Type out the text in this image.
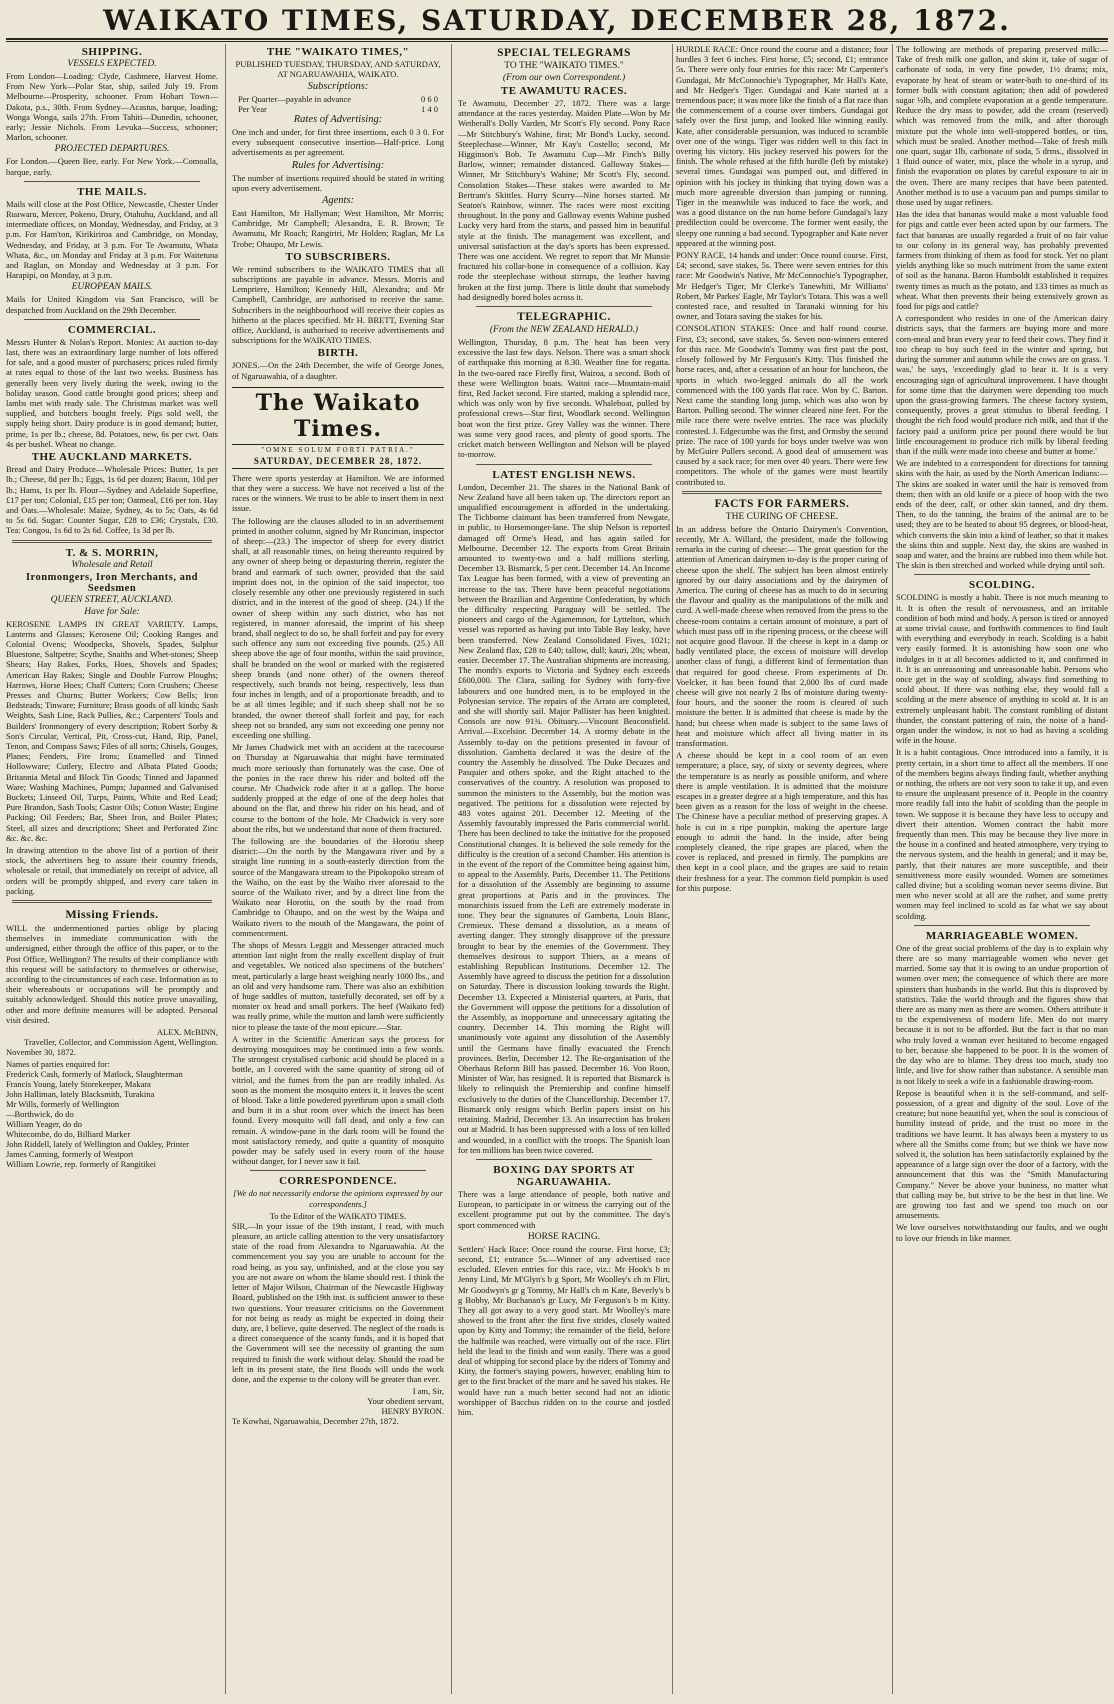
WAIKATO TIMES, SATURDAY, DECEMBER 28, 1872.
SHIPPING.
VESSELS EXPECTED.

From London—Loading: Clyde, Cashmere, Harvest Home. From New York—Polar Star, ship, sailed July 19. From Melbourne—Prosperity, schooner. From Hobart Town—Dakota, p.s., 30th. From Sydney—Acastus, barque, loading; Wonga Wonga, sails 27th. From Tahiti—Dunedin, schooner, early; Jessie Nichols. From Levuka—Success, schooner; Marlon, schooner.

PROJECTED DEPARTURES.

For London.—Queen Bee, early. For New York.—Comoalla, barque, early.

THE MAILS.

Mails will close at the Post Office, Newcastle, Chester Under Ruawaru, Mercer, Pokeno, Drury, Otahuhu, Auckland, and all intermediate offices, on Monday, Wednesday, and Friday, at 3 p.m. For Ham'ton, Kirikiriroa and Cambridge, on Monday, Wednesday, and Friday, at 3 p.m. For Te Awamutu, Whata Whata, &c., on Monday and Friday at 3 p.m. For Waitetuna and Raglan, on Monday and Wednesday at 3 p.m. For Harapipi, on Monday, at 3 p.m.

EUROPEAN MAILS.

Mails for United Kingdom via San Francisco, will be despatched from Auckland on the 29th December.

COMMERCIAL.

Messrs Hunter & Nolan's Report. Monies: At auction to-day last, there was an extraordinary large number of lots offered for sale, and a good muster of purchasers; prices ruled firmly at rates equal to those of the last two weeks. Business has generally been very lively during the week, owing to the holiday season. Good cattle brought good prices; sheep and lambs met with ready sale. The Christmas market was well supplied, and butchers bought freely. Pigs sold well, the supply being short. Dairy produce is in good demand; butter, prime, 1s per lb.; cheese, 8d. Potatoes, new, 6s per cwt. Oats 4s per bushel. Wheat no change.

THE AUCKLAND MARKETS.

Bread and Dairy Produce—Wholesale Prices: Butter, 1s per lb.; Cheese, 8d per lb.; Eggs, 1s 6d per dozen; Bacon, 10d per lb.; Hams, 1s per lb. Flour—Sydney and Adelaide Superfine, £17 per ton; Colonial, £15 per ton; Oatmeal, £16 per ton. Hay and Oats.—Wholesale: Maize, Sydney, 4s to 5s; Oats, 4s 6d to 5s 6d. Sugar: Counter Sugar, £28 to £36; Crystals, £30. Tea: Congou, 1s 6d to 2s 6d. Coffee, 1s 3d per lb.

T. & S. MORRIN,
Wholesale and Retail
Ironmongers, Iron Merchants, and Seedsmen
QUEEN STREET, AUCKLAND.
Have for Sale:

KEROSENE LAMPS IN GREAT VARIETY. Lamps, Lanterns and Glasses; Kerosene Oil; Cooking Ranges and Colonial Ovens; Woodpecks, Shovels, Spades, Sulphur Bluestone, Saltpetre; Scythe, Snaiths and Whet-stones; Sheep Shears; Hay Rakes, Forks, Hoes, Shovels and Spades; American Hay Rakes; Single and Double Furrow Ploughs; Harrows, Horse Hoes; Chaff Cutters; Corn Crushers; Cheese Presses and Churns; Butter Workers; Cow Bells; Iron Bedsteads; Tinware; Furniture; Brass goods of all kinds; Sash Weights, Sash Line, Rack Pullies, &c.; Carpenters' Tools and Builders' Ironmongery of every description; Robert Sorby & Son's Circular, Vertical, Pit, Cross-cut, Hand, Rip, Panel, Tenon, and Compass Saws; Files of all sorts; Chisels, Gouges, Planes; Fenders, Fire Irons; Enamelled and Tinned Hollowware; Cutlery, Electro and Albata Plated Goods; Britannia Metal and Block Tin Goods; Tinned and Japanned Ware; Washing Machines, Pumps; Japanned and Galvanised Buckets; Linseed Oil, Turps, Paints, White and Red Lead; Pure Brandon, Sash Tools; Castor Oils; Cotton Waste; Engine Packing; Oil Feeders; Bar, Sheet Iron, and Boiler Plates; Steel, all sizes and descriptions; Sheet and Perforated Zinc &c. &c. &c.

In drawing attention to the above list of a portion of their stock, the advertisers beg to assure their country friends, wholesale or retail, that immediately on receipt of advice, all orders will be promptly shipped, and every care taken in packing.

Missing Friends.

WILL the undermentioned parties oblige by placing themselves in immediate communication with the undersigned, either through the office of this paper, or to the Post Office, Wellington? The results of their compliance with this request will be satisfactory to themselves or otherwise, according to the circumstances of each case. Information as to their whereabouts or occupations will be promptly and suitably acknowledged. Should this notice prove unavailing, other and more definite measures will be adopted. Personal visit desired.

ALEX. McBINN,

Traveller, Collector, and Commission Agent, Wellington.

November 30, 1872.

Names of parties enquired for:

Frederick Cash, formerly of Matlock, Slaughterman

Francis Young, lately Storekeeper, Makara

John Halliman, lately Blacksmith, Turakina

Mr Wills, formerly of Wellington

—Borthwick, do do

William Yeager, do do

Whitecombe, do do, Billiard Marker

John Riddell, lately of Wellington and Oakley, Printer

James Canning, formerly of Westport

William Lowrie, rep. formerly of Rangitikei

THE "WAIKATO TIMES,"
PUBLISHED TUESDAY, THURSDAY, AND SATURDAY, AT NGARUAWAHIA, WAIKATO.
Subscriptions:
Per Quarter—payable in advance	0 6 0
Per Year	1 4 0
Rates of Advertising:

One inch and under, for first three insertions, each 0 3 0. For every subsequent consecutive insertion—Half-price. Long advertisements as per agreement.

Rules for Advertising:

The number of insertions required should be stated in writing upon every advertisement.

Agents:

East Hamilton, Mr Hallyman; West Hamilton, Mr Morris; Cambridge, Mr Campbell; Alexandra, E. R. Brown; Te Awamutu, Mr Roach; Rangiriri, Mr Holden; Raglan, Mr La Trobe; Ohaupo, Mr Lewis.

TO SUBSCRIBERS.

We remind subscribers to the WAIKATO TIMES that all subscriptions are payable in advance. Messrs. Morris and Lempriere, Hamilton; Kennedy Hill, Alexandra; and Mr Campbell, Cambridge, are authorised to receive the same. Subscribers in the neighbourhood will receive their copies as hitherto at the places specified. Mr H. BRETT, Evening Star office, Auckland, is authorised to receive advertisements and subscriptions for the WAIKATO TIMES.

BIRTH.

JONES.—On the 24th December, the wife of George Jones, of Ngaruawahia, of a daughter.

The Waikato Times.
"OMNE SOLUM FORTI PATRIA."
SATURDAY, DECEMBER 28, 1872.

There were sports yesterday at Hamilton. We are informed that they were a success. We have not received a list of the races or the winners. We trust to be able to insert them in next issue.

The following are the clauses alluded to in an advertisement printed in another column, signed by Mr Runciman, inspector of sheep:—(23.) The inspector of sheep for every district shall, at all reasonable times, on being thereunto required by any owner of sheep being or depasturing therein, register the brand and earmark of such owner, provided that the said imprint does not, in the opinion of the said inspector, too closely resemble any other one previously registered in such district, and in the interest of the good of sheep. (24.) If the owner of sheep within any such district, who has not registered, in manner aforesaid, the imprint of his sheep brand, shall neglect to do so, he shall forfeit and pay for every such offence any sum not exceeding five pounds. (25.) All sheep above the age of four months, within the said province, shall be branded on the wool or marked with the registered sheep brands (and none other) of the owners thereof respectively, such brands not being, respectively, less than four inches in length, and of a proportionate breadth, and to be at all times legible; and if such sheep shall not be so branded, the owner thereof shall forfeit and pay, for each sheep not so branded, any sum not exceeding one penny nor exceeding one shilling.

Mr James Chadwick met with an accident at the racecourse on Thursday at Ngaruawahia that might have terminated much more seriously than fortunately was the case. One of the ponies in the race threw his rider and bolted off the course. Mr Chadwick rode after it at a gallop. The horse suddenly propped at the edge of one of the deep holes that abound on the flat, and threw his rider on his head, and of course to the bottom of the hole. Mr Chadwick is very sore about the ribs, but we understand that none of them fractured.

The following are the boundaries of the Horotiu sheep district:—On the north by the Mangawara river and by a straight line running in a south-easterly direction from the source of the Mangawara stream to the Pipokopoko stream of the Waiho, on the east by the Waiho river aforesaid to the source of the Waikato river, and by a direct line from the Waikato near Horotiu, on the south by the road from Cambridge to Ohaupo, and on the west by the Waipa and Waikato rivers to the mouth of the Mangawara, the point of commencement.

The shops of Messrs Leggit and Messenger attracted much attention last night from the really excellent display of fruit and vegetables. We noticed also specimens of the butchers' meat, particularly a large beast weighing nearly 1000 lbs., and an old and very handsome ram. There was also an exhibition of huge saddles of mutton, tastefully decorated, set off by a monster ox head and small porkers. The beef (Waikato fed) was really prime, while the mutton and lamb were sufficiently nice to please the taste of the most epicure.—Star.

A writer in the Scientific American says the process for destroying mosquitoes may be continued into a few words. The strongest crystalised carbonic acid should be placed in a bottle, an l covered with the same quantity of strong oil of vitriol, and the fumes from the pan are readily inhaled. As soon as the moment the mosquito enters it, it leaves the scent of blood. Take a little powdered pyrethrum upon a small cloth and burn it in a shut room over which the insect has been found. Every mosquito will fall dead, and only a few can remain. A window-pane in the dark room will be found the most satisfactory remedy, and quite a quantity of mosquito powder may be safely used in every room of the house without danger, for I never saw it fail.

CORRESPONDENCE.

[We do not necessarily endorse the opinions expressed by our correspondents.]

To the Editor of the WAIKATO TIMES.

SIR,—In your issue of the 19th instant, I read, with much pleasure, an article calling attention to the very unsatisfactory state of the road from Alexandra to Ngaruawahia. At the commencement you say you are unable to account for the road being, as you say, unfinished, and at the close you say you are not aware on whom the blame should rest. I think the letter of Major Wilson, Chairman of the Newcastle Highway Board, published on the 19th inst. is sufficient answer to these two questions. Your treasurer criticisms on the Government for not being as ready as might be expected in doing their duty, are, I believe, quite deserved. The neglect of the roads is a direct consequence of the scanty funds, and it is hoped that the Government will see the necessity of granting the sum required to finish the work without delay. Should the road be left in its present state, the first floods will undo the work done, and the expense to the colony will be greater than ever.

I am, Sir,

Your obedient servant,

HENRY BYRON.

Te Kowhai, Ngaruawahia, December 27th, 1872.

SPECIAL TELEGRAMS
TO THE "WAIKATO TIMES."
(From our own Correspondent.)
TE AWAMUTU RACES.

Te Awamutu, December 27, 1872. There was a large attendance at the races yesterday. Maiden Plate—Won by Mr Wetherall's Dolly Varden, Mr Scott's Fly second. Pony Race—Mr Stitchbury's Wahine, first; Mr Bond's Lucky, second. Steeplechase—Winner, Mr Kay's Costello; second, Mr Higginson's Bob. Te Awamutu Cup—Mr Finch's Billy Barlow, winner; remainder distanced. Galloway Stakes—Winner, Mr Stitchbury's Wahine; Mr Scott's Fly, second. Consolation Stakes—These stakes were awarded to Mr Bertram's Skittles. Hurry Scurry—Nine horses started. Mr Seaton's Rainbow, winner. The races were most exciting throughout. In the pony and Galloway events Wahine pushed Lucky very hard from the starts, and passed him in beautiful style at the finish. The management was excellent, and universal satisfaction at the day's sports has been expressed. There was one accident. We regret to report that Mr Munsie fractured his collar-bone in consequence of a collision. Kay rode the steeplechase without stirrups, the leather having broken at the first jump. There is little doubt that somebody had designedly bored holes across it.

TELEGRAPHIC.
(From the NEW ZEALAND HERALD.)

Wellington, Thursday, 8 p.m. The heat has been very excessive the last few days. Nelson. There was a smart shock of earthquake this morning at 8.30. Weather fine for regatta. In the two-oared race Firefly first, Wairoa, a second. Both of these were Wellington boats. Waitoi race—Mountain-maid first, Red Jacket second. Fire started, making a splendid race, which was only won by five seconds. Whaleboat, pulled by professional crews—Star first, Woodlark second. Wellington boat won the first prize. Grey Valley was the winner. There was some very good races, and plenty of good sports. The cricket match between Wellington and Nelson will be played to-morrow.

LATEST ENGLISH NEWS.

London, December 21. The shares in the National Bank of New Zealand have all been taken up. The directors report an unqualified encouragement is afforded in the undertaking. The Tichborne claimant has been transferred from Newgate, in public, to Horsemonger-lane. The ship Nelson is reported damaged off Orme's Head, and has again sailed for Melbourne. December 12. The exports from Great Britain amounted to twenty-two and a half millions sterling. December 13. Bismarck, 5 per cent. December 14. An Income Tax League has been formed, with a view of preventing an increase to the tax. There have been peaceful negotiations between the Brazilian and Argentine Confederation, by which the difficulty respecting Paraguay will be settled. The pioneers and cargo of the Agamemnon, for Lyttelton, which vessel was reported as having put into Table Bay leaky, have been transferred. New Zealand Consolidated Fives, 1021; New Zealand flax, £28 to £40; tallow, dull; kauri, 20s; wheat, easier. December 17. The Australian shipments are increasing. The month's exports to Victoria and Sydney each exceeds £600,000. The Clara, sailing for Sydney with forty-five labourers and one hundred men, is to be employed in the Polynesian service. The repairs of the Arrato are completed, and she will shortly sail. Major Pallister has been knighted. Consols are now 91¾. Obituary.—Viscount Beaconsfield. Arrival.—Excelsior. December 14. A stormy debate in the Assembly to-day on the petitions presented in favour of dissolution. Gambetta declared it was the desire of the country the Assembly be dissolved. The Duke Decazes and Pasquier and others spoke, and the Right attached to the conservatives of the country. A resolution was proposed to summon the ministers to the Assembly, but the motion was negatived. The petitions for a dissolution were rejected by 483 votes against 201. December 12. Meeting of the Assembly favourably impressed the Paris commercial world. There has been declined to take the initiative for the proposed Constitutional changes. It is believed the sole remedy for the difficulty is the creation of a second Chamber. His attention is in the event of the report of the Committee being against him, to appeal to the Assembly. Paris, December 11. The Petitions for a dissolution of the Assembly are beginning to assume great proportions at Paris and in the provinces. The monarchists issued from the Left are extremely moderate in tone. They bear the signatures of Gambetta, Louis Blanc, Cremieux. These demand a dissolution, as a means of averting danger. They strongly disapprove of the pressure brought to bear by the enemies of the Government. They themselves desirous to support Thiers, as a means of establishing Republican Institutions. December 12. The Assembly have agreed to discuss the petition for a dissolution on Saturday. There is discussion looking towards the Right. December 13. Expected a Ministerial quarters, at Paris, that the Government will oppose the petitions for a dissolution of the Assembly, as inopportune and unnecessary agitating the country. December 14. This morning the Right will unanimously vote against any dissolution of the Assembly until the Germans have finally evacuated the French provinces. Berlin, December 12. The Re-organisation of the Oberhaus Reform Bill has passed. December 16. Von Roon, Minister of War, has resigned. It is reported that Bismarck is likely to relinquish the Premiership and confine himself exclusively to the duties of the Chancellorship. December 17. Bismarck only resigns which Berlin papers insist on his retaining. Madrid, December 13. An insurrection has broken out at Madrid. It has been suppressed with a loss of ten killed and wounded, in a conflict with the troops. The Spanish loan for ten millions has been twice covered.

BOXING DAY SPORTS AT NGARUAWAHIA.

There was a large attendance of people, both native and European, to participate in or witness the carrying out of the excellent programme put out by the committee. The day's sport commenced with

HORSE RACING.

Settlers' Hack Race: Once round the course. First horse, £3; second, £1; entrance 5s.—Winner of any advertised race excluded. Eleven entries for this race, viz.: Mr Hook's b m Jenny Lind, Mr M'Glyn's b g Sport, Mr Woolley's ch m Flirt, Mr Goodwyn's gr g Tommy, Mr Hall's ch m Kate, Beverly's b g Bobby, Mr Buchanan's gr Lucy, Mr Ferguson's b m Kitty. They all got away to a very good start. Mr Woolley's mare showed to the front after the first five strides, closely waited upon by Kitty and Tommy; the remainder of the field, before the halfmile was reached, were virtually out of the race. Flirt held the lead to the finish and won easily. There was a good deal of whipping for second place by the riders of Tommy and Kitty, the former's staying powers, however, enabling him to get to the first bracket of the mare and he saved his stakes. He would have run a much better second had not an idiotic worshipper of Bacchus ridden on to the course and jostled him.

HURDLE RACE: Once round the course and a distance; four hurdles 3 feet 6 inches. First horse, £5; second, £1; entrance 5s. There were only four entries for this race: Mr Carpenter's Gundagai, Mr McConnochie's Typographer, Mr Hall's Kate, and Mr Hedger's Tiger. Gundagai and Kate started at a tremendous pace; it was more like the finish of a flat race than the commencement of a course over timbers. Gundagai got safely over the first jump, and looked like winning easily. Kate, after considerable persuasion, was induced to scramble over one of the wings. Tiger was ridden well to this fact in overing his victory. His jockey reserved his powers for the finish. The whole refused at the fifth hurdle (left by mistake) several times. Gundagai was pumped out, and differed in opinion with his jockey in thinking that trying down was a much more agreeable diversion than jumping or running. Tiger in the meanwhile was induced to face the work, and was a good distance on the run home before Gundagai's lazy predilection could be overcome. The former went easily, the sleepy one running a bad second. Typographer and Kate never appeared at the winning post.

PONY RACE, 14 hands and under: Once round course. First, £4; second, save stakes, 5s. There were seven entries for this race: Mr Goodwin's Native, Mr McConnochie's Typographer, Mr Hedger's Tiger, Mr Clerke's Tanewhiti, Mr Williams' Robert, Mr Parkes' Eagle, Mr Taylor's Totara. This was a well contested race, and resulted in Taranaki winning for his owner, and Totara saving the stakes for his.

CONSOLATION STAKES: Once and half round course. First, £3; second, save stakes, 5s. Seven non-winners entered for this race. Mr Goodwin's Tommy was first past the post, closely followed by Mr Ferguson's Kitty. This finished the horse races, and, after a cessation of an hour for luncheon, the sports in which two-legged animals do all the work commenced with the 100 yards flat race. Won by C. Barton. Next came the standing long jump, which was also won by Barton. Pulling second. The winner cleared nine feet. For the mile race there were twelve entries. The race was pluckily contested. J. Edgecumbe was the first, and Ormsby the second prize. The race of 100 yards for boys under twelve was won by McGuire Pullers second. A good deal of amusement was caused by a sack race; for men over 40 years. There were few competitors. The whole of the games were most heartily contributed to.

FACTS FOR FARMERS.
THE CURING OF CHEESE.

In an address before the Ontario Dairymen's Convention, recently, Mr A. Willard, the president, made the following remarks in the curing of cheese:— The great question for the attention of American dairymen to-day is the proper curing of cheese upon the shelf. The subject has been almost entirely ignored by our dairy associations and by the dairymen of America. The curing of cheese has as much to do in securing the flavour and quality as the manipulations of the milk and curd. A well-made cheese when removed from the press to the cheese-room contains a certain amount of moisture, a part of which must pass off in the ripening process, or the cheese will not acquire good flavour. If the cheese is kept in a damp or badly ventilated place, the excess of moisture will develop another class of fungi, a different kind of fermentation than that required for good cheese. From experiments of Dr. Voelcker, it has been found that 2,000 lbs of curd made cheese will give not nearly 2 lbs of moisture during twenty-four hours, and the sooner the room is cleared of such moisture the better. It is admitted that cheese is made by the hand; but cheese when made is subject to the same laws of heat and moisture which affect all living matter in its transformation.

A cheese should be kept in a cool room of an even temperature; a place, say, of sixty or seventy degrees, where the temperature is as nearly as possible uniform, and where there is ample ventilation. It is admitted that the moisture escapes in a greater degree at a high temperature, and this has been given as a reason for the loss of weight in the cheese. The Chinese have a peculiar method of preserving grapes. A hole is cut in a ripe pumpkin, making the aperture large enough to admit the hand. In the inside, after being completely cleaned, the ripe grapes are placed, when the cover is replaced, and pressed in firmly. The pumpkins are then kept in a cool place, and the grapes are said to retain their freshness for a year. The common field pumpkin is used for this purpose.

The following are methods of preparing preserved milk:— Take of fresh milk one gallon, and skim it, take of sugar of carbonate of soda, in very fine powder, 1½ drams; mix, evaporate by heat of steam or water-bath to one-third of its former bulk with constant agitation; then add of powdered sugar ½lb, and complete evaporation at a gentle temperature. Reduce the dry mass to powder, add the cream (reserved) which was removed from the milk, and after thorough mixture put the whole into well-stoppered bottles, or tins, which must be sealed. Another method—Take of fresh milk one quart, sugar 1lb, carbonate of soda, 5 drms., dissolved in 1 fluid ounce of water, mix, place the whole in a syrup, and finish the evaporation on plates by careful exposure to air in the oven. There are many recipes that have been patented. Another method is to use a vacuum pan and pumps similar to those used by sugar refiners.

Has the idea that bananas would make a most valuable food for pigs and cattle ever been acted upon by our farmers. The fact that bananas are usually regarded a fruit of no fair value to our colony in its general way, has probably prevented farmers from thinking of them as food for stock. Yet no plant yields anything like so much nutriment from the same extent of soil as the banana. Baron Humboldt established it requires twenty times as much as the potato, and 133 times as much as wheat. What then prevents their being extensively grown as food for pigs and cattle?

A correspondent who resides in one of the American dairy districts says, that the farmers are buying more and more corn-meal and bran every year to feed their cows. They find it too cheap to buy such feed in the winter and spring, but during the summer and autumn while the cows are on grass. 'I was,' he says, 'exceedingly glad to hear it. It is a very encouraging sign of agricultural improvement. I have thought for some time that the dairymen were depending too much upon the grass-growing farmers. The cheese factory system, consequently, proves a great stimulus to liberal feeding. I thought the rich food would produce rich milk, and that if the factory paid a uniform price per pound there would be but little encouragement to produce rich milk by liberal feeding than if the milk were made into cheese and butter at home.'

We are indebted to a correspondent for directions for tanning skins with the hair, as used by the North American Indians:—The skins are soaked in water until the hair is removed from them; then with an old knife or a piece of hoop with the two ends of the deer, calf, or other skin tanned, and dry them. Then, to do the tanning, the brains of the animal are to be used; they are to be heated to about 95 degrees, or blood-heat, which converts the skin into a kind of leather, so that it makes the skins thin and supple. Next day, the skins are washed in soap and water, and the brains are rubbed into them while hot. The skin is then stretched and worked while drying until soft.

SCOLDING.

SCOLDING is mostly a habit. There is not much meaning to it. It is often the result of nervousness, and an irritable condition of both mind and body. A person is tired or annoyed at some trivial cause, and forthwith commences to find fault with everything and everybody in reach. Scolding is a habit very easily formed. It is astonishing how soon one who indulges in it at all becomes addicted to it, and confirmed in it. It is an unreasoning and unreasonable habit. Persons who once get in the way of scolding, always find something to scold about. If there was nothing else, they would fall a scolding at the mere absence of anything to scold at. It is an extremely unpleasant habit. The constant rumbling of distant thunder, the constant pattering of rain, the noise of a hand-organ under the window, is not so bad as having a scolding wife in the house.

It is a habit contagious. Once introduced into a family, it is pretty certain, in a short time to affect all the members. If one of the members begins always finding fault, whether anything or nothing, the others are not very soon to take it up, and even to ensure the unpleasant presence of it. People in the country more readily fall into the habit of scolding than the people in town. We suppose it is because they have less to occupy and divert their attention. Women contract the habit more frequently than men. This may be because they live more in the house in a confined and heated atmosphere, very trying to the nervous system, and the health in general; and it may be, partly, that their natures are more susceptible, and their sensitiveness more easily wounded. Women are sometimes called divine; but a scolding woman never seems divine. But men who never scold at all are the rather, and some pretty women may feel inclined to scold as far what we say about scolding.

MARRIAGEABLE WOMEN.

One of the great social problems of the day is to explain why there are so many marriageable women who never get married. Some say that it is owing to an undue proportion of women over men; the consequence of which there are more spinsters than husbands in the world. But this is disproved by statistics. Take the world through and the figures show that there are as many men as there are women. Others attribute it to the expensiveness of modern life. Men do not marry because it is not to be afforded. But the fact is that no man who truly loved a woman ever hesitated to become engaged to her, because she happened to be poor. It is the women of the day who are to blame. They dress too much, study too little, and live for show rather than substance. A sensible man is not likely to seek a wife in a fashionable drawing-room.

Repose is beautiful when it is the self-command, and self-possession, of a great and dignity of the soul. Love of the creature; but none beautiful yet, when the soul is conscious of humility instead of pride, and the trust no more in the traditions we have learnt. It has always been a mystery to us where all the Smiths come from; but we think we have now solved it, the solution has been satisfactorily explained by the appearance of a large sign over the door of a factory, with the announcement that this was the "Smith Manufacturing Company." Never be above your business, no matter what that calling may be, but strive to be the best in that line. We are growing too fast and we spend too much on our amusements.

We love ourselves notwithstanding our faults, and we ought to love our friends in like manner.
